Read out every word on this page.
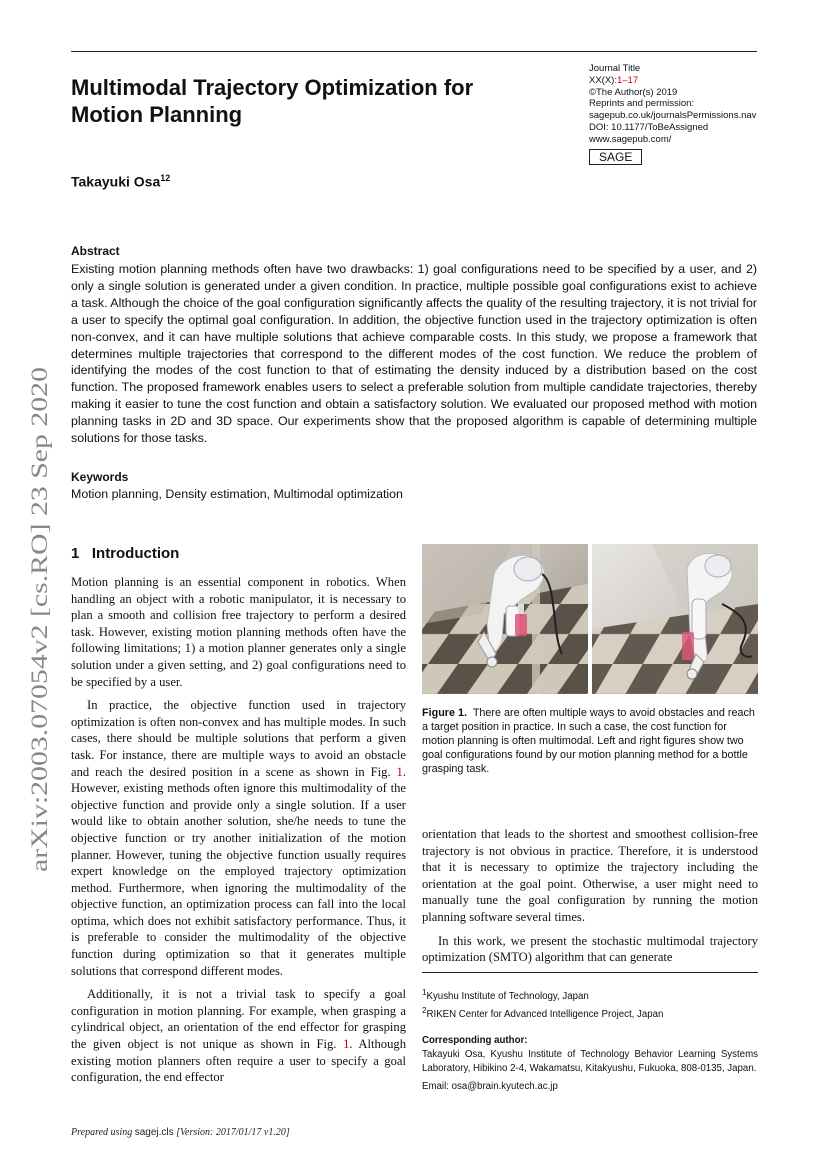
Journal Title
XX(X):1–17
©The Author(s) 2019
Reprints and permission:
sagepub.co.uk/journalsPermissions.nav
DOI: 10.1177/ToBeAssigned
www.sagepub.com/
SAGE
Multimodal Trajectory Optimization for
Motion Planning
Takayuki Osa$^{12}$
Abstract
Existing motion planning methods often have two drawbacks: 1) goal configurations need to be specified by a user, and 2) only a single solution is generated under a given condition. In practice, multiple possible goal configurations exist to achieve a task. Although the choice of the goal configuration significantly affects the quality of the resulting trajectory, it is not trivial for a user to specify the optimal goal configuration. In addition, the objective function used in the trajectory optimization is often non-convex, and it can have multiple solutions that achieve comparable costs. In this study, we propose a framework that determines multiple trajectories that correspond to the different modes of the cost function. We reduce the problem of identifying the modes of the cost function to that of estimating the density induced by a distribution based on the cost function. The proposed framework enables users to select a preferable solution from multiple candidate trajectories, thereby making it easier to tune the cost function and obtain a satisfactory solution. We evaluated our proposed method with motion planning tasks in 2D and 3D space. Our experiments show that the proposed algorithm is capable of determining multiple solutions for those tasks.
Keywords
Motion planning, Density estimation, Multimodal optimization
arXiv:2003.07054v2 [cs.RO] 23 Sep 2020 1 Introduction

Motion planning is an essential component in robotics. When handling an object with a robotic manipulator, it is necessary to plan a smooth and collision free trajectory to perform a desired task. However, existing motion planning methods often have the following limitations; 1) a motion planner generates only a single solution under a given setting, and 2) goal configurations need to be specified by a user.

In practice, the objective function used in trajectory optimization is often non-convex and has multiple modes. In such cases, there should be multiple solutions that perform a given task. For instance, there are multiple ways to avoid an obstacle and reach the desired position in a scene as shown in Fig. 1. However, existing methods often ignore this multimodality of the objective function and provide only a single solution. If a user would like to obtain another solution, she/he needs to tune the objective function or try another initialization of the motion planner. However, tuning the objective function usually requires expert knowledge on the employed trajectory optimization method. Furthermore, when ignoring the multimodality of the objective function, an optimization process can fall into the local optima, which does not exhibit satisfactory performance. Thus, it is preferable to consider the multimodality of the objective function during optimization so that it generates multiple solutions that correspond different modes.

Additionally, it is not a trivial task to specify a goal configuration in motion planning. For example, when grasping a cylindrical object, an orientation of the end effector for grasping the given object is not unique as shown in Fig. 1. Although existing motion planners often require a user to specify a goal configuration, the end effector

Figure 1. There are often multiple ways to avoid obstacles and reach a target position in practice. In such a case, the cost function for motion planning is often multimodal. Left and right figures show two goal configurations found by our motion planning method for a bottle grasping task.

orientation that leads to the shortest and smoothest collision-free trajectory is not obvious in practice. Therefore, it is understood that it is necessary to optimize the trajectory including the orientation at the goal point. Otherwise, a user might need to manually tune the goal configuration by running the motion planning software several times.

In this work, we present the stochastic multimodal trajectory optimization (SMTO) algorithm that can generate

$^1$Kyushu Institute of Technology, Japan
$^2$RIKEN Center for Advanced Intelligence Project, Japan
Corresponding author:
Takayuki Osa, Kyushu Institute of Technology Behavior Learning Systems Laboratory, Hibikino 2-4, Wakamatsu, Kitakyushu, Fukuoka, 808-0135, Japan.
Email: osa@brain.kyutech.ac.jp
Prepared using sagej.cls [Version: 2017/01/17 v1.20]
